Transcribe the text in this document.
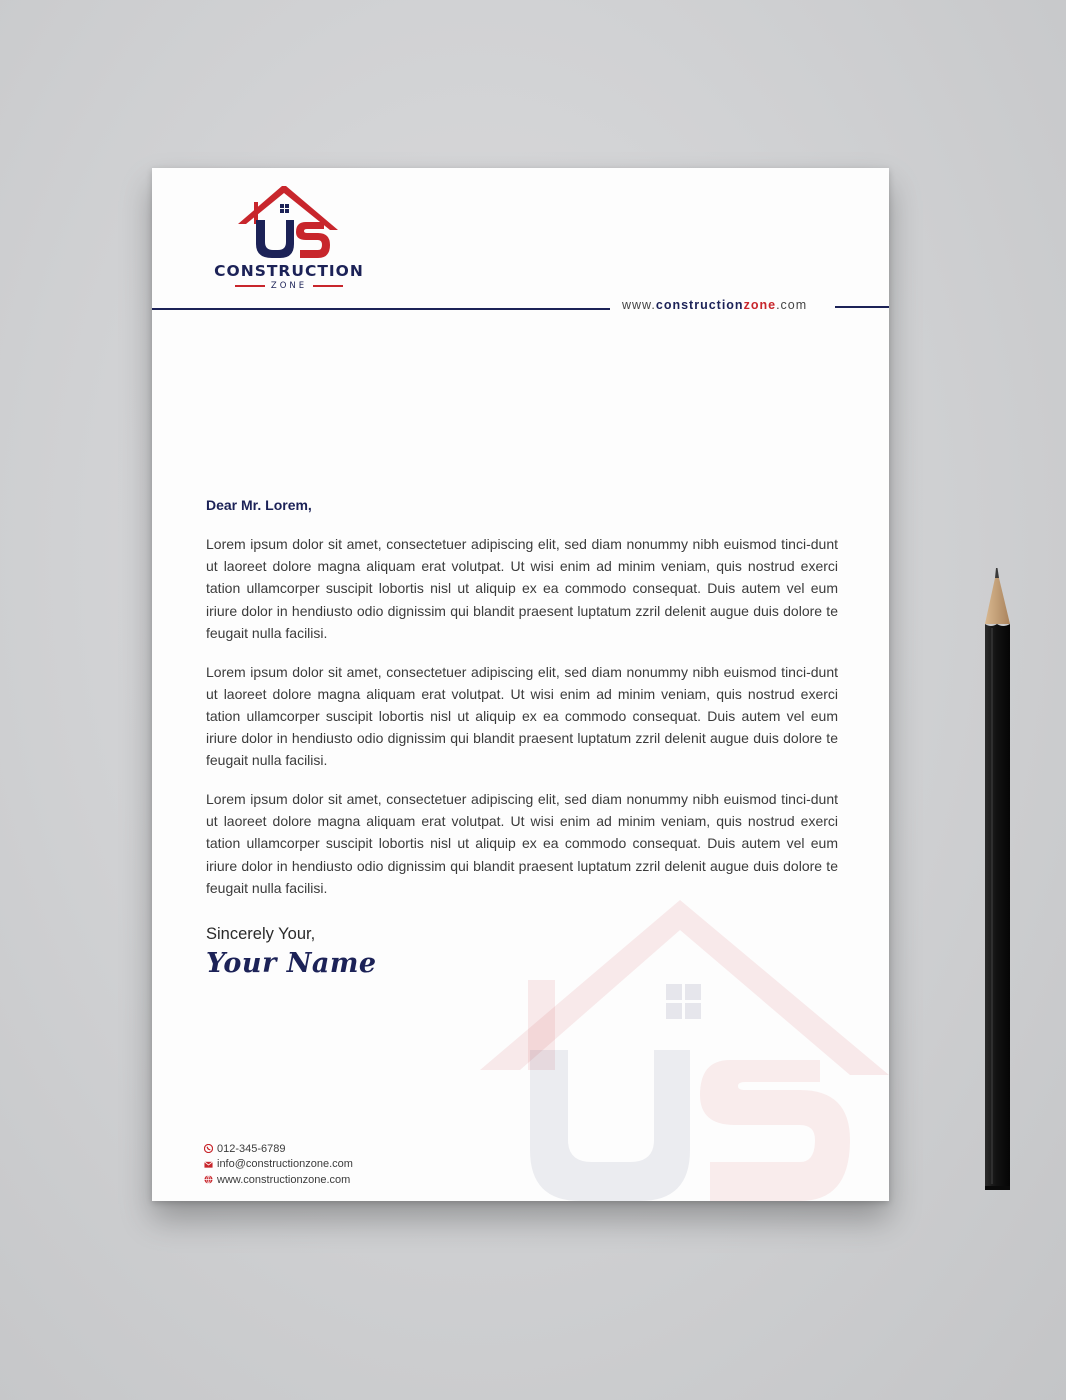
CONSTRUCTION
ZONE
www.constructionzone.com
Dear Mr. Lorem,

Lorem ipsum dolor sit amet, consectetuer adipiscing elit, sed diam nonummy nibh euismod tinci-dunt ut laoreet dolore magna aliquam erat volutpat. Ut wisi enim ad minim veniam, quis nostrud exerci tation ullamcorper suscipit lobortis nisl ut aliquip ex ea commodo consequat. Duis autem vel eum iriure dolor in hendiusto odio dignissim qui blandit praesent luptatum zzril delenit augue duis dolore te feugait nulla facilisi.

Lorem ipsum dolor sit amet, consectetuer adipiscing elit, sed diam nonummy nibh euismod tinci-dunt ut laoreet dolore magna aliquam erat volutpat. Ut wisi enim ad minim veniam, quis nostrud exerci tation ullamcorper suscipit lobortis nisl ut aliquip ex ea commodo consequat. Duis autem vel eum iriure dolor in hendiusto odio dignissim qui blandit praesent luptatum zzril delenit augue duis dolore te feugait nulla facilisi.

Lorem ipsum dolor sit amet, consectetuer adipiscing elit, sed diam nonummy nibh euismod tinci-dunt ut laoreet dolore magna aliquam erat volutpat. Ut wisi enim ad minim veniam, quis nostrud exerci tation ullamcorper suscipit lobortis nisl ut aliquip ex ea commodo consequat. Duis autem vel eum iriure dolor in hendiusto odio dignissim qui blandit praesent luptatum zzril delenit augue duis dolore te feugait nulla facilisi.

Sincerely Your,
Your Name
012-345-6789
info@constructionzone.com
www.constructionzone.com
